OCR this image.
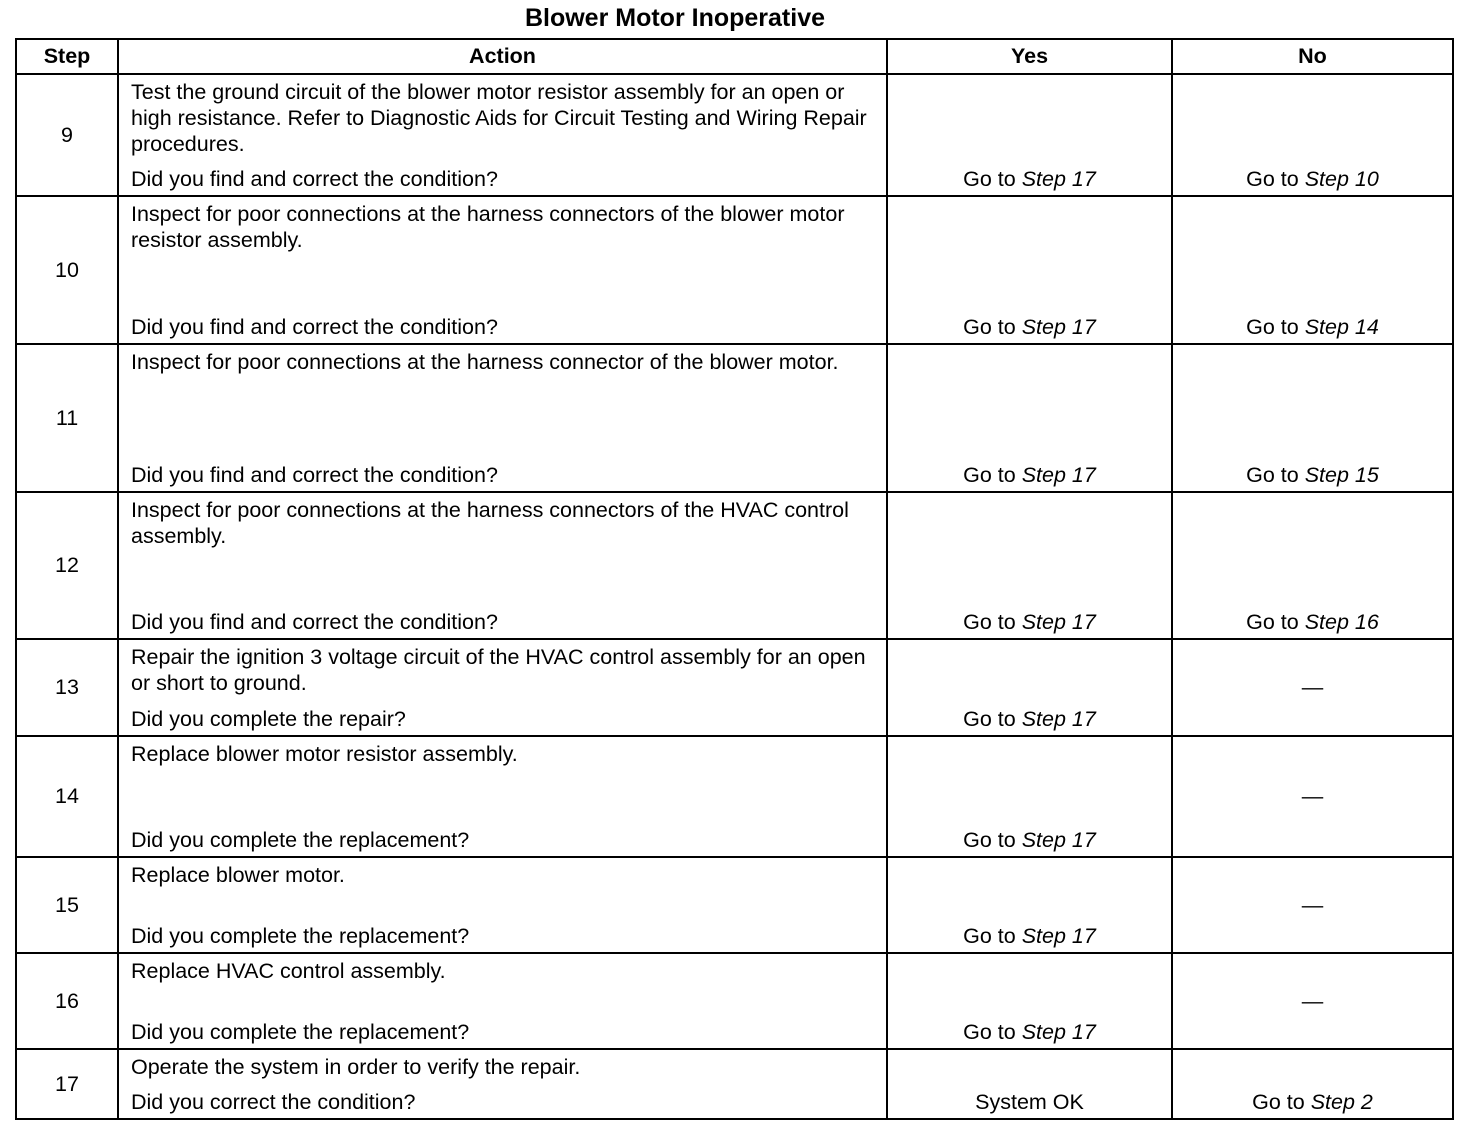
Blower Motor Inoperative
Step	Action	Yes	No
9	Test the ground circuit of the blower motor resistor assembly for an open or high resistance. Refer to Diagnostic Aids for Circuit Testing and Wiring Repair procedures.
Did you find and correct the condition?	Go to Step 17	Go to Step 10
10	Inspect for poor connections at the harness connectors of the blower motor resistor assembly.
Did you find and correct the condition?	Go to Step 17	Go to Step 14
11	Inspect for poor connections at the harness connector of the blower motor.
Did you find and correct the condition?	Go to Step 17	Go to Step 15
12	Inspect for poor connections at the harness connectors of the HVAC control assembly.
Did you find and correct the condition?	Go to Step 17	Go to Step 16
13	Repair the ignition 3 voltage circuit of the HVAC control assembly for an open or short to ground.
Did you complete the repair?	Go to Step 17	—
14	Replace blower motor resistor assembly.
Did you complete the replacement?	Go to Step 17	—
15	Replace blower motor.
Did you complete the replacement?	Go to Step 17	—
16	Replace HVAC control assembly.
Did you complete the replacement?	Go to Step 17	—
17	Operate the system in order to verify the repair.
Did you correct the condition?	System OK	Go to Step 2
